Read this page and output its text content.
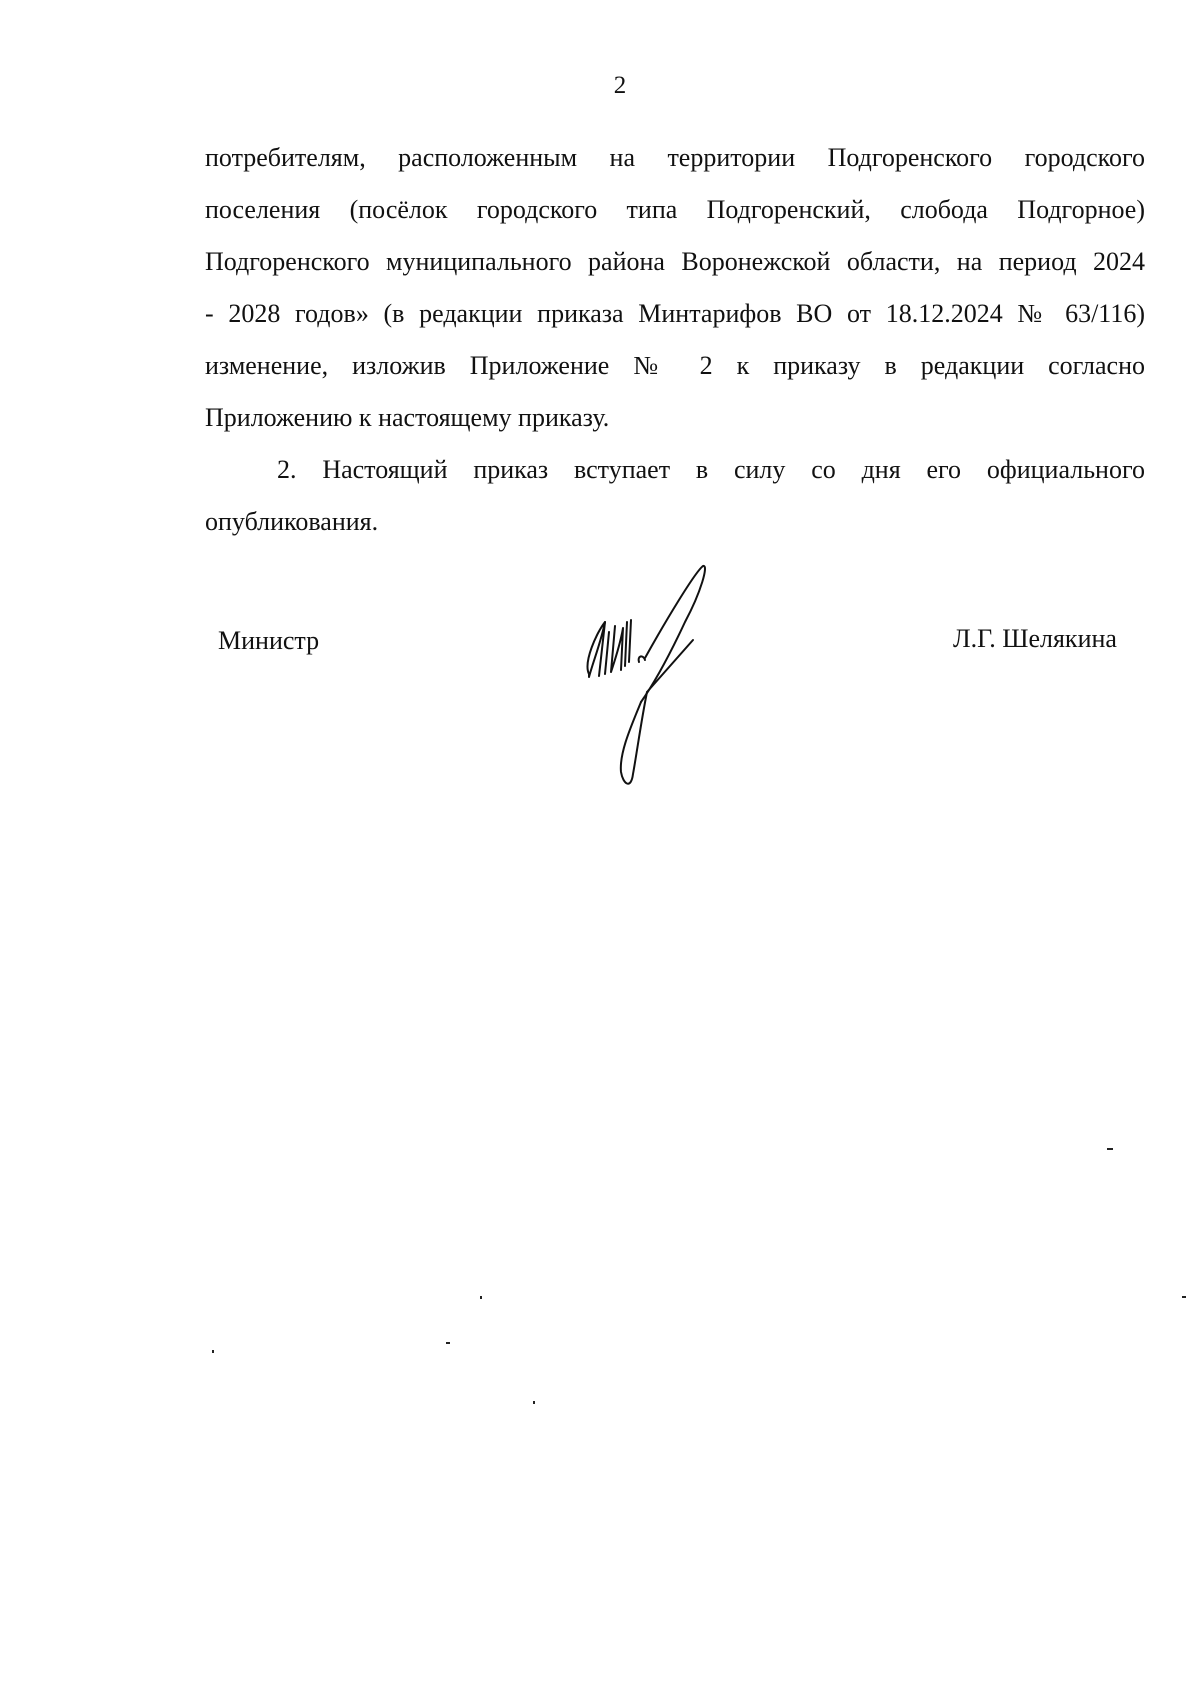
2

потребителям, расположенным на территории Подгоренского городского
поселения (посёлок городского типа Подгоренский, слобода Подгорное)
Подгоренского муниципального района Воронежской области, на период 2024
- 2028 годов» (в редакции приказа Минтарифов ВО от 18.12.2024 № 63/116)
изменение, изложив Приложение № 2 к приказу в редакции согласно
Приложению к настоящему приказу.

2. Настоящий приказ вступает в силу со дня его официального
опубликования.

Министр	Л.Г. Шелякина
